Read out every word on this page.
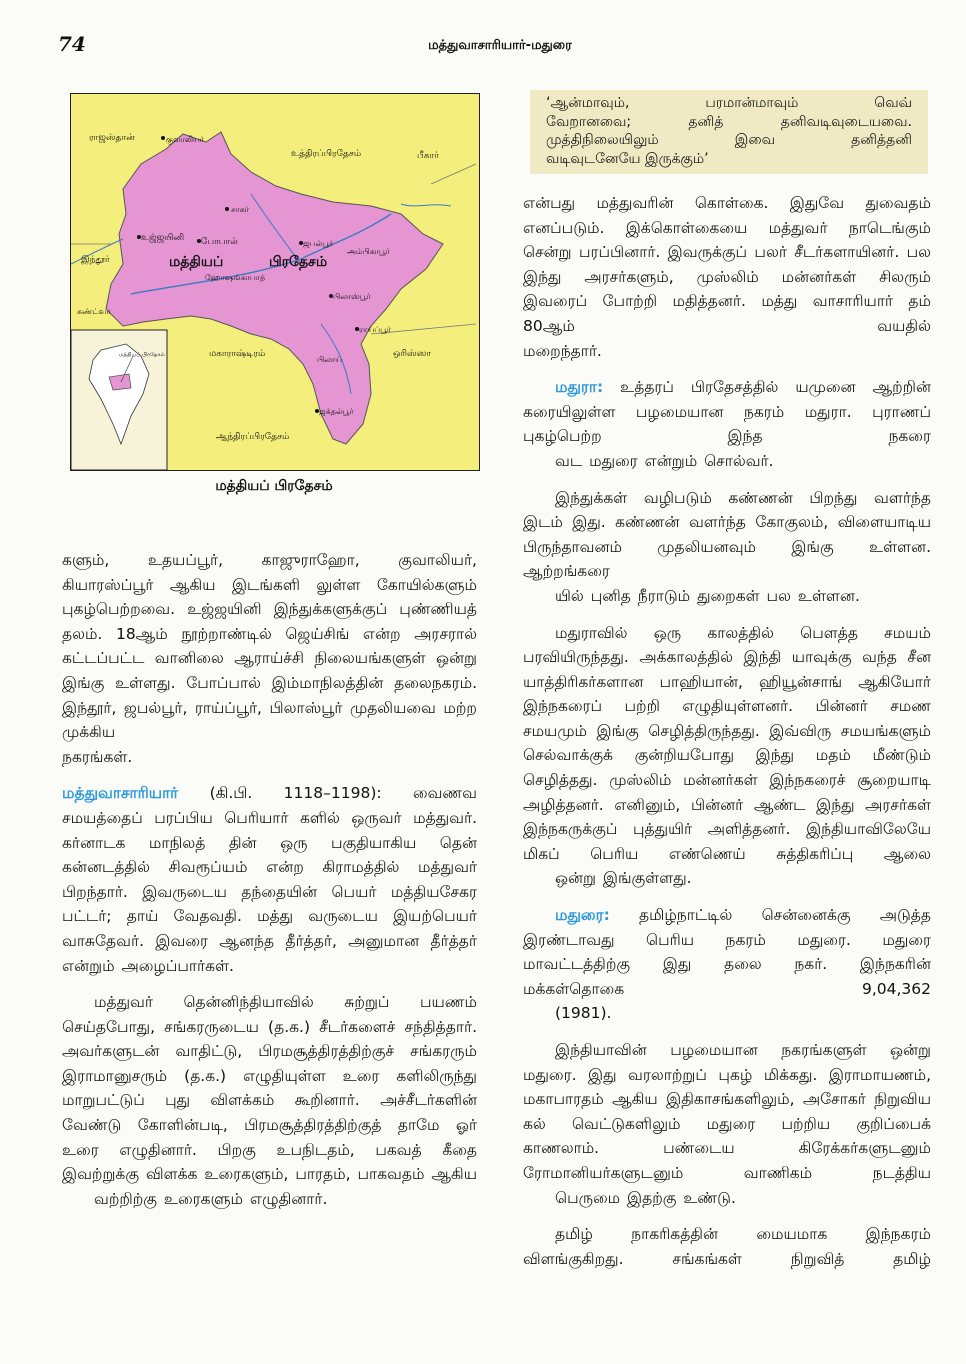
74	மத்துவாசாரியார்-மதுரை
ராஜஸ்தான்	குவாலியர்
உத்திரப்பிரதேசம்	பீகார்
சாகர்
உஜ்ஜயினி போபால்
இந்தூர்	மத்தியப்	பிரதேசம்
ஜபல்பூர்
ஹோஷங்காபாத்
அம்பிகாபூர்
பிலாஸ்பூர்
கண்ட்வா
ராய்ப்பூர்
மகாராஷ்டிரம்
பிலாய்
ஒரிஸ்ஸா
ஜக்தல்பூர்
ஆந்திரப்பிரதேசம்
மத்தியப் பிரதேசம்
மத்தியப் பிரதேசம்

‘ஆன்மாவும், பரமான்மாவும் வெவ்

வேறானவை; தனித் தனிவடிவுடையவை.

முத்திநிலையிலும் இவை தனித்தனி

வடிவுடனேயே இருக்கும்’

களும், உதயப்பூர், காஜுராஹோ, குவாலியர், கியாரஸ்ப்பூர் ஆகிய இடங்களி லுள்ள கோயில்களும் புகழ்பெற்றவை. உஜ்ஜயினி இந்துக்களுக்குப் புண்ணியத் தலம். 18ஆம் நூற்றாண்டில் ஜெய்சிங் என்ற அரசரால் கட்டப்பட்ட வானிலை ஆராய்ச்சி நிலையங்களுள் ஒன்று இங்கு உள்ளது. போப்பால் இம்மாநிலத்தின் தலைநகரம். இந்தூர், ஜபல்பூர், ராய்ப்பூர், பிலாஸ்பூர் முதலியவை மற்ற முக்கிய
நகரங்கள்.

மத்துவாசாரியார் (கி.பி. 1118–1198): வைணவ சமயத்தைப் பரப்பிய பெரியார் களில் ஒருவர் மத்துவர். கர்னாடக மாநிலத் தின் ஒரு பகுதியாகிய தென் கன்னடத்தில் சிவரூப்யம் என்ற கிராமத்தில் மத்துவர் பிறந்தார். இவருடைய தந்தையின் பெயர் மத்தியசேகர பட்டர்; தாய் வேதவதி. மத்து வருடைய இயற்பெயர் வாசுதேவர். இவரை ஆனந்த தீர்த்தர், அனுமான தீர்த்தர்
என்றும் அழைப்பார்கள்.

மத்துவர் தென்னிந்தியாவில் சுற்றுப் பயணம் செய்தபோது, சங்கரருடைய (த.க.) சீடர்களைச் சந்தித்தார். அவர்களுடன் வாதிட்டு, பிரமசூத்திரத்திற்குச் சங்கரரும் இராமானுசரும் (த.க.) எழுதியுள்ள உரை களிலிருந்து மாறுபட்டுப் புது விளக்கம் கூறினார். அச்சீடர்களின் வேண்டு கோளின்படி, பிரமசூத்திரத்திற்குத் தாமே ஓர் உரை எழுதினார். பிறகு உபநிடதம், பகவத் கீதை இவற்றுக்கு விளக்க உரைகளும், பாரதம், பாகவதம் ஆகிய
வற்றிற்கு உரைகளும் எழுதினார்.

என்பது மத்துவரின் கொள்கை. இதுவே துவைதம் எனப்படும். இக்கொள்கையை மத்துவர் நாடெங்கும் சென்று பரப்பினார். இவருக்குப் பலர் சீடர்களாயினர். பல இந்து அரசர்களும், முஸ்லிம் மன்னர்கள் சிலரும் இவரைப் போற்றி மதித்தனர். மத்து வாசாரியார் தம் 80ஆம் வயதில்
மறைந்தார்.

மதுரா: உத்தரப் பிரதேசத்தில் யமுனை ஆற்றின் கரையிலுள்ள பழமையான நகரம் மதுரா. புராணப் புகழ்பெற்ற இந்த நகரை
வட மதுரை என்றும் சொல்வர்.

இந்துக்கள் வழிபடும் கண்ணன் பிறந்து வளர்ந்த இடம் இது. கண்ணன் வளர்ந்த கோகுலம், விளையாடிய பிருந்தாவனம் முதலியனவும் இங்கு உள்ளன. ஆற்றங்கரை
யில் புனித நீராடும் துறைகள் பல உள்ளன.

மதுராவில் ஒரு காலத்தில் பௌத்த சமயம் பரவியிருந்தது. அக்காலத்தில் இந்தி யாவுக்கு வந்த சீன யாத்திரிகர்களான பாஹியான், ஹியூன்சாங் ஆகியோர் இந்நகரைப் பற்றி எழுதியுள்ளனர். பின்னர் சமண சமயமும் இங்கு செழித்திருந்தது. இவ்விரு சமயங்களும் செல்வாக்குக் குன்றியபோது இந்து மதம் மீண்டும் செழித்தது. முஸ்லிம் மன்னர்கள் இந்நகரைச் சூறையாடி அழித்தனர். எனினும், பின்னர் ஆண்ட இந்து அரசர்கள் இந்நகருக்குப் புத்துயிர் அளித்தனர். இந்தியாவிலேயே மிகப் பெரிய எண்ணெய் சுத்திகரிப்பு ஆலை
ஒன்று இங்குள்ளது.

மதுரை: தமிழ்நாட்டில் சென்னைக்கு அடுத்த இரண்டாவது பெரிய நகரம் மதுரை. மதுரை மாவட்டத்திற்கு இது தலை நகர். இந்நகரின் மக்கள்தொகை 9,04,362
(1981).

இந்தியாவின் பழமையான நகரங்களுள் ஒன்று மதுரை. இது வரலாற்றுப் புகழ் மிக்கது. இராமாயணம், மகாபாரதம் ஆகிய இதிகாசங்களிலும், அசோகர் நிறுவிய கல் வெட்டுகளிலும் மதுரை பற்றிய குறிப்பைக் காணலாம். பண்டைய கிரேக்கர்களுடனும் ரோமானியர்களுடனும் வாணிகம் நடத்திய
பெருமை இதற்கு உண்டு.

தமிழ் நாகரிகத்தின் மையமாக இந்நகரம் விளங்குகிறது. சங்கங்கள் நிறுவித் தமிழ்
